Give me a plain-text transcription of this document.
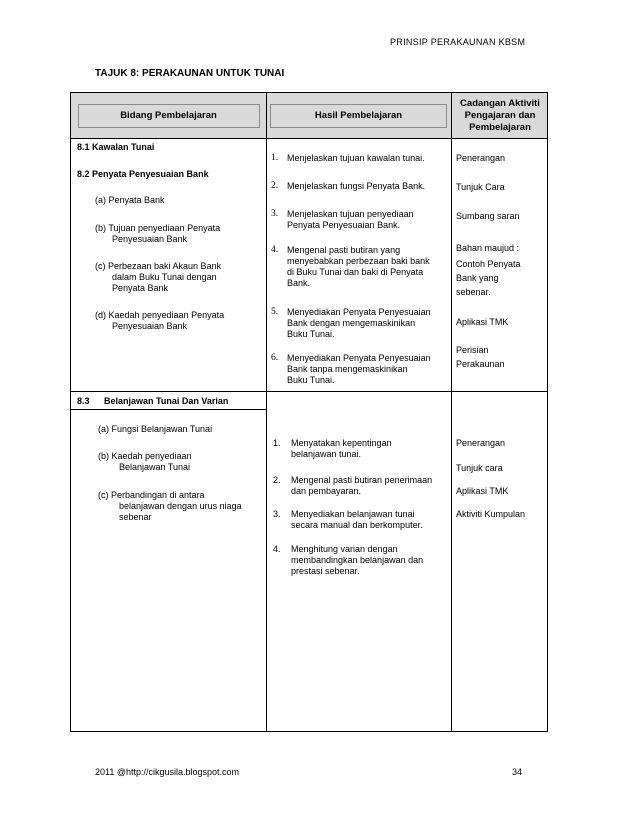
PRINSIP PERAKAUNAN KBSM
TAJUK 8: PERAKAUNAN UNTUK TUNAI
Bidang Pembelajaran	Hasil Pembelajaran
Cadangan Aktiviti
Pengajaran dan
Pembelajaran
8.1 Kawalan Tunai
8.2 Penyata Penyesuaian Bank
(a) Penyata Bank
(b) Tujuan penyediaan Penyata
Penyesuaian Bank
(c) Perbezaan baki Akaun Bank
dalam Buku Tunai dengan
Penyata Bank
(d) Kaedah penyediaan Penyata
Penyesuaian Bank
1. Menjelaskan tujuan kawalan tunai.
2. Menjelaskan fungsi Penyata Bank.
3. Menjelaskan tujuan penyediaan
Penyata Penyesuaian Bank.
4. Mengenal pasti butiran yang
menyebabkan perbezaan baki bank
di Buku Tunai dan baki di Penyata
Bank.
5. Menyediakan Penyata Penyesuaian
Bank dengan mengemaskinikan
Buku Tunai.
6. Menyediakan Penyata Penyesuaian
Bank tanpa mengemaskinikan
Buku Tunai.
Penerangan
Tunjuk Cara
Sumbang saran
Bahan maujud :
Contoh Penyata
Bank yang
sebenar.
Aplikasi TMK
Perisian
Perakaunan
8.3 Belanjawan Tunai Dan Varian
(a) Fungsi Belanjawan Tunai
(b) Kaedah penyediaan
Belanjawan Tunai
(c) Perbandingan di antara
belanjawan dengan urus niaga
sebenar
1. Menyatakan kepentingan
belanjawan tunai.
2. Mengenal pasti butiran penerimaan
dan pembayaran.
3. Menyediakan belanjawan tunai
secara manual dan berkomputer.
4. Menghitung varian dengan
membandingkan belanjawan dan
prestasi sebenar.
Penerangan
Tunjuk cara
Aplikasi TMK
Aktiviti Kumpulan
2011 @http://cikgusila.blogspot.com	34
